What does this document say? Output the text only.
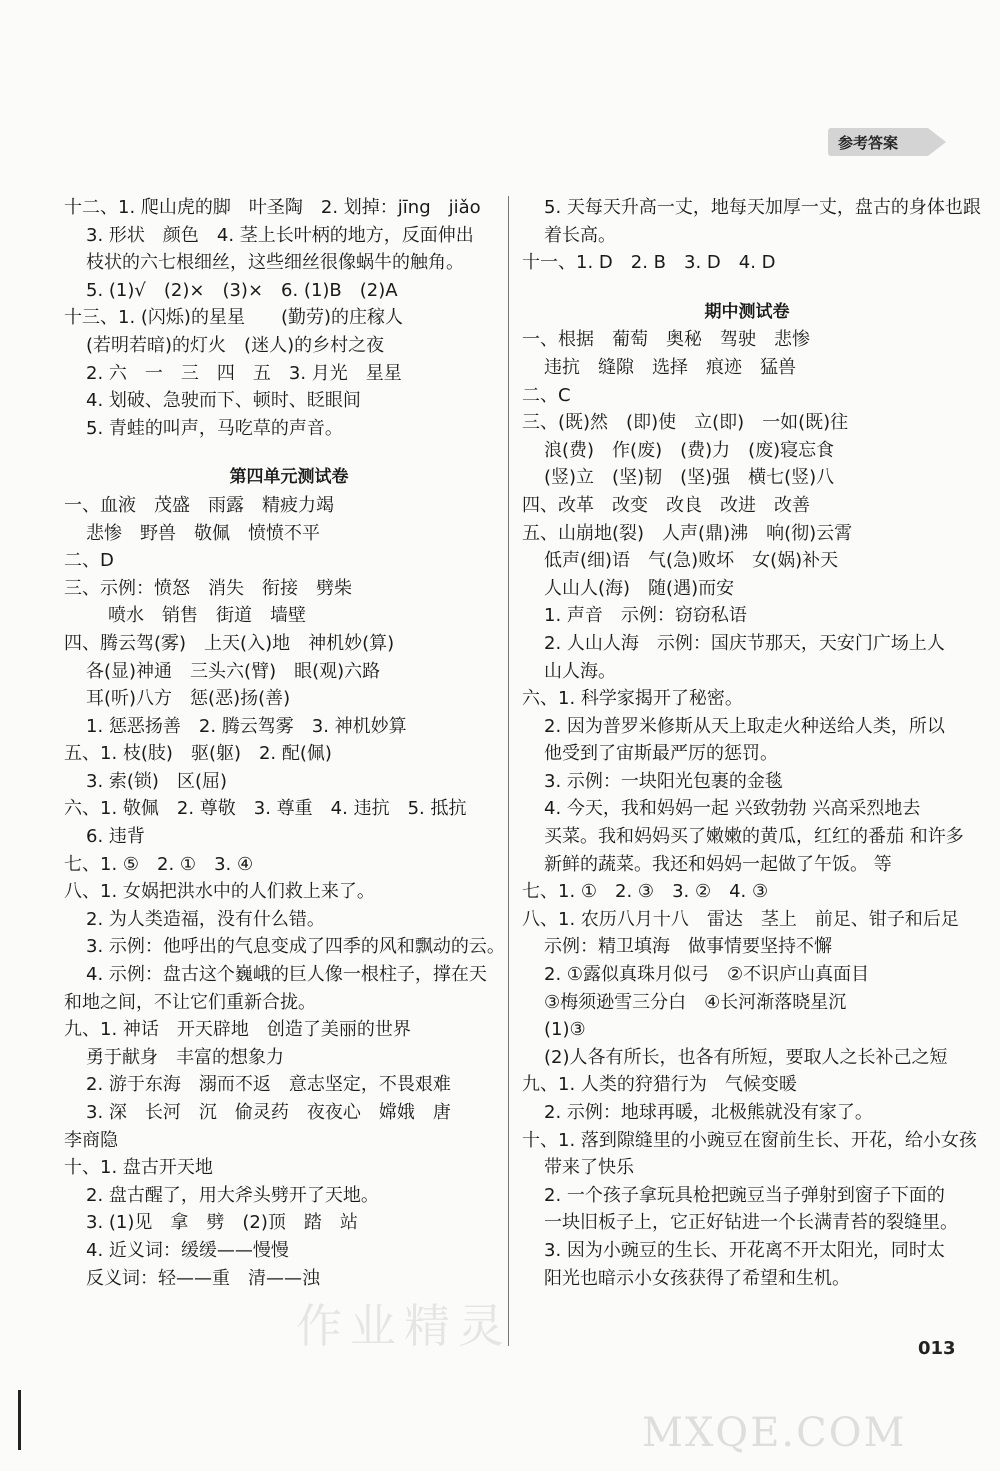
参考答案
十二、1. 爬山虎的脚　叶圣陶　2. 划掉：jīng　jiǎo
3. 形状　颜色　4. 茎上长叶柄的地方，反面伸出
枝状的六七根细丝，这些细丝很像蜗牛的触角。
5. (1)√　(2)×　(3)×　6. (1)B　(2)A
十三、1. (闪烁)的星星　　(勤劳)的庄稼人
(若明若暗)的灯火　(迷人)的乡村之夜
2. 六　一　三　四　五　3. 月光　星星
4. 划破、急驶而下、顿时、眨眼间
5. 青蛙的叫声，马吃草的声音。
第四单元测试卷
一、血液　茂盛　雨露　精疲力竭
悲惨　野兽　敬佩　愤愤不平
二、D
三、示例：愤怒　消失　衔接　劈柴
喷水　销售　街道　墙壁
四、腾云驾(雾)　上天(入)地　神机妙(算)
各(显)神通　三头六(臂)　眼(观)六路
耳(听)八方　惩(恶)扬(善)
1. 惩恶扬善　2. 腾云驾雾　3. 神机妙算
五、1. 枝(肢)　驱(躯)　2. 配(佩)
3. 索(锁)　区(屈)
六、1. 敬佩　2. 尊敬　3. 尊重　4. 违抗　5. 抵抗
6. 违背
七、1. ⑤　2. ①　3. ④
八、1. 女娲把洪水中的人们救上来了。
2. 为人类造福，没有什么错。
3. 示例：他呼出的气息变成了四季的风和飘动的云。
4. 示例：盘古这个巍峨的巨人像一根柱子，撑在天
和地之间，不让它们重新合拢。
九、1. 神话　开天辟地　创造了美丽的世界
勇于献身　丰富的想象力
2. 游于东海　溺而不返　意志坚定，不畏艰难
3. 深　长河　沉　偷灵药　夜夜心　嫦娥　唐
李商隐
十、1. 盘古开天地
2. 盘古醒了，用大斧头劈开了天地。
3. (1)见　拿　劈　(2)顶　踏　站
4. 近义词：缓缓——慢慢
反义词：轻——重　清——浊
5. 天每天升高一丈，地每天加厚一丈，盘古的身体也跟
着长高。
十一、1. D　2. B　3. D　4. D
期中测试卷
一、根据　葡萄　奥秘　驾驶　悲惨
违抗　缝隙　选择　痕迹　猛兽
二、C
三、(既)然　(即)使　立(即)　一如(既)往
浪(费)　作(废)　(费)力　(废)寝忘食
(竖)立　(坚)韧　(坚)强　横七(竖)八
四、改革　改变　改良　改进　改善
五、山崩地(裂)　人声(鼎)沸　响(彻)云霄
低声(细)语　气(急)败坏　女(娲)补天
人山人(海)　随(遇)而安
1. 声音　示例：窃窃私语
2. 人山人海　示例：国庆节那天，天安门广场上人
山人海。
六、1. 科学家揭开了秘密。
2. 因为普罗米修斯从天上取走火种送给人类，所以
他受到了宙斯最严厉的惩罚。
3. 示例：一块阳光包裹的金毯
4. 今天，我和妈妈一起 兴致勃勃 兴高采烈地去
买菜。我和妈妈买了嫩嫩的黄瓜，红红的番茄 和许多
新鲜的蔬菜。我还和妈妈一起做了午饭。 等
七、1. ①　2. ③　3. ②　4. ③
八、1. 农历八月十八　雷达　茎上　前足、钳子和后足
示例：精卫填海　做事情要坚持不懈
2. ①露似真珠月似弓　②不识庐山真面目
③梅须逊雪三分白　④长河渐落晓星沉
(1)③
(2)人各有所长，也各有所短，要取人之长补己之短
九、1. 人类的狩猎行为　气候变暖
2. 示例：地球再暖，北极熊就没有家了。
十、1. 落到隙缝里的小豌豆在窗前生长、开花，给小女孩
带来了快乐
2. 一个孩子拿玩具枪把豌豆当子弹射到窗子下面的
一块旧板子上，它正好钻进一个长满青苔的裂缝里。
3. 因为小豌豆的生长、开花离不开太阳光，同时太
阳光也暗示小女孩获得了希望和生机。
013
作业精灵
MXQE.COM
